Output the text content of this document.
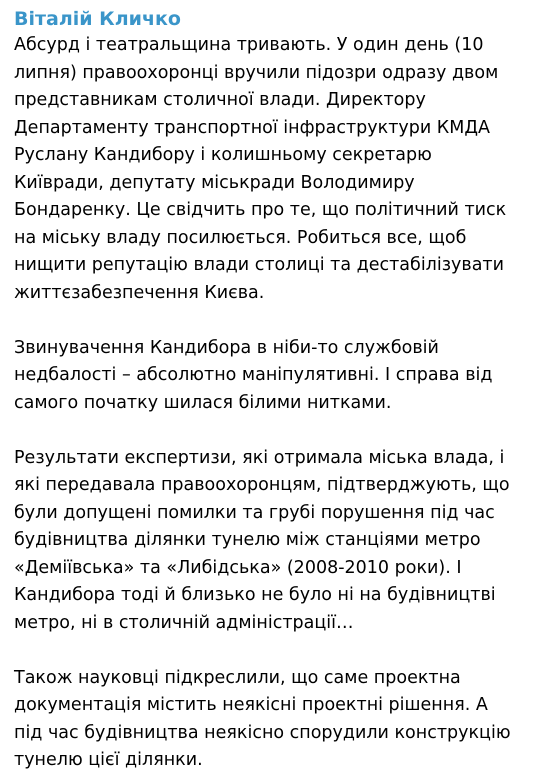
Віталій Кличко
Абсурд і театральщина тривають. У один день (10
липня) правоохоронці вручили підозри одразу двом
представникам столичної влади. Директору
Департаменту транспортної інфраструктури КМДА
Руслану Кандибору і колишньому секретарю
Київради, депутату міськради Володимиру
Бондаренку. Це свідчить про те, що політичний тиск
на міську владу посилюється. Робиться все, щоб
нищити репутацію влади столиці та дестабілізувати
життєзабезпечення Києва.
Звинувачення Кандибора в ніби-то службовій
недбалості – абсолютно маніпулятивні. І справа від
самого початку шилася білими нитками.
Результати експертизи, які отримала міська влада, і
які передавала правоохоронцям, підтверджують, що
були допущені помилки та грубі порушення під час
будівництва ділянки тунелю між станціями метро
«Деміївська» та «Либідська» (2008-2010 роки). І
Кандибора тоді й близько не було ні на будівництві
метро, ні в столичній адміністрації…
Також науковці підкреслили, що саме проектна
документація містить неякісні проектні рішення. А
під час будівництва неякісно спорудили конструкцію
тунелю цієї ділянки.
